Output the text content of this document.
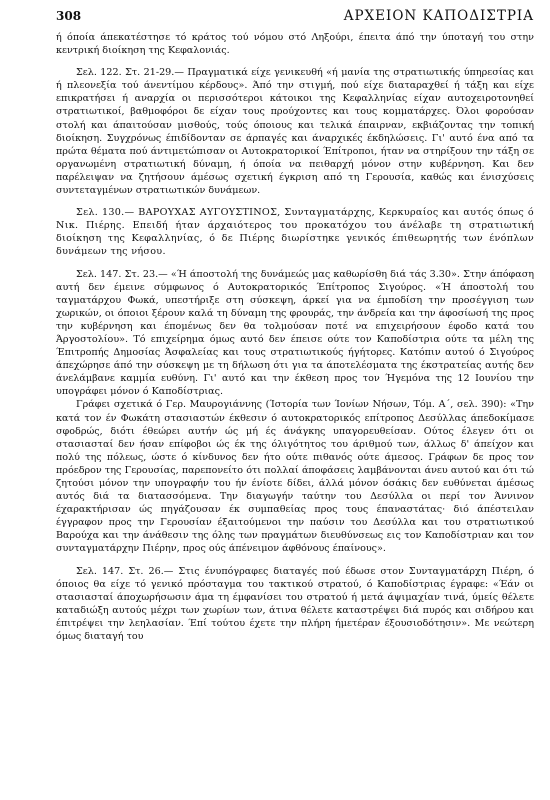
308	ΑΡΧΕΙΟΝ ΚΑΠΟΔΙΣΤΡΙΑ

ή όποία άπεκατέστησε τό κράτος τού νόμου στό Ληξούρι, έπειτα άπό την ύποταγή του στην κεντρική διοίκηση της Κεφαλονιάς.

Σελ. 122. Στ. 21-29.— Πραγματικά είχε γενικευθή «ή μανία της στρατιωτικής ύπηρεσίας και ή πλεονεξία τού άνεντίμου κέρδους». Άπό την στιγμή, πού είχε διαταραχθεί ή τάξη και είχε επικρατήσει ή αναρχία οι περισσότεροι κάτοικοι της Κεφαλληνίας είχαν αυτοχειροτονηθεί στρατιωτικοί, βαθμοφόροι δε είχαν τους προύχοντες και τους κομματάρχες. Όλοι φορούσαν στολή και άπαιτούσαν μισθούς, τούς όποιους και τελικά έπαιρναν, εκβιάζοντας την τοπική διοίκηση. Συγχρόνως έπιδίδονταν σε άρπαγές και άναρχικές έκδηλώσεις. Γι' αυτό ένα από τα πρώτα θέματα πού άντιμετώπισαν οι Αυτοκρατορικοί Έπίτροποι, ήταν να στηρίξουν την τάξη σε οργανωμένη στρατιωτική δύναμη, ή όποία να πειθαρχή μόνον στην κυβέρνηση. Και δεν παρέλειψαν να ζητήσουν άμέσως σχετική έγκριση από τη Γερουσία, καθώς και ένισχύσεις συντεταγμένων στρατιωτικών δυνάμεων.

Σελ. 130.— ΒΑΡΟΥΧΑΣ ΑΥΓΟΥΣΤΙΝΟΣ, Συνταγματάρχης, Κερκυραίος και αυτός όπως ό Νικ. Πιέρης. Επειδή ήταν άρχαιότερος του προκατόχου του άνέλαβε τη στρατιωτική διοίκηση της Κεφαλληνίας, ό δε Πιέρης διωρίστηκε γενικός έπιθεωρητής των ένόπλων δυνάμεων της νήσου.

Σελ. 147. Στ. 23.— «Ή άποστολή της δυνάμεώς μας καθωρίσθη διά τάς 3.30». Στην άπόφαση αυτή δεν έμεινε σύμφωνος ό Αυτοκρατορικός Έπίτροπος Σιγούρος. «Ή άποστολή του ταγματάρχου Φωκά, υπεστήριξε στη σύσκεψη, άρκεί για να έμποδίση την προσέγγιση των χωρικών, οι όποιοι ξέρουν καλά τη δύναμη της φρουράς, την άνδρεία και την άφοσίωσή της προς την κυβέρνηση και έπομένως δεν θα τολμούσαν ποτέ να επιχειρήσουν έφοδο κατά του Άργοστολίου». Τό επιχείρημα όμως αυτό δεν έπεισε ούτε τον Καποδίστρια ούτε τα μέλη της Έπιτροπής Δημοσίας Άσφαλείας και τους στρατιωτικούς ήγήτορες. Κατόπιν αυτού ό Σιγούρος άπεχώρησε άπό την σύσκεψη με τη δήλωση ότι για τα άποτελέσματα της έκστρατείας αυτής δεν άνελάμβανε καμμία ευθύνη. Γι' αυτό και την έκθεση προς τον Ήγεμόνα της 12 Ιουνίου την υπογράφει μόνον ό Καποδίστριας.

Γράφει σχετικά ό Γερ. Μαυρογιάννης (Ίστορία των Ίονίων Νήσων, Τόμ. Α΄, σελ. 390): «Την κατά τον έν Φωκάτη στασιαστών έκθεσιν ό αυτοκρατορικός επίτροπος Δεσύλλας άπεδοκίμασε σφοδρώς, διότι έθεώρει αυτήν ώς μή ές άνάγκης υπαγορευθείσαν. Ούτος έλεγεν ότι οι στασιασταί δεν ήσαν επίφοβοι ώς έκ της όλιγότητος του άριθμού των, άλλως δ' άπείχον και πολύ της πόλεως, ώστε ό κίνδυνος δεν ήτο ούτε πιθανός ούτε άμεσος. Γράφων δε προς τον πρόεδρον της Γερουσίας, παρεπονείτο ότι πολλαί άποφάσεις λαμβάνονται άνευ αυτού και ότι τώ ζητούσι μόνον την υπογραφήν του ήν ένίοτε δίδει, άλλά μόνον όσάκις δεν ευθύνεται άμέσως αυτός διά τα διατασσόμενα. Την διαγωγήν ταύτην του Δεσύλλα οι περί τον Άννινον έχαρακτήρισαν ώς πηγάζουσαν έκ συμπαθείας προς τους έπαναστάτας· διό άπέστειλαν έγγραφον προς την Γερουσίαν έξαιτούμενοι την παύσιν του Δεσύλλα και του στρατιωτικού Βαρούχα και την άνάθεσιν της όλης των πραγμάτων διευθύνσεως εις τον Καποδίστριαν και τον συνταγματάρχην Πιέρην, προς ούς άπένειμον άφθόνους έπαίνους».

Σελ. 147. Στ. 26.— Στις ένυπόγραφες διαταγές πού έδωσε στον Συνταγματάρχη Πιέρη, ό όποιος θα είχε τό γενικό πρόσταγμα του τακτικού στρατού, ό Καποδίστριας έγραφε: «Έάν οι στασιασταί άποχωρήσωσιν άμα τη έμφανίσει του στρατού ή μετά άψιμαχίαν τινά, ύμείς θέλετε καταδιώξη αυτούς μέχρι των χωρίων των, άτινα θέλετε καταστρέψει διά πυρός και σιδήρου και έπιτρέψει την λεηλασίαν. Έπί τούτου έχετε την πλήρη ήμετέραν έξουσιοδότησιν». Με νεώτερη όμως διαταγή του
